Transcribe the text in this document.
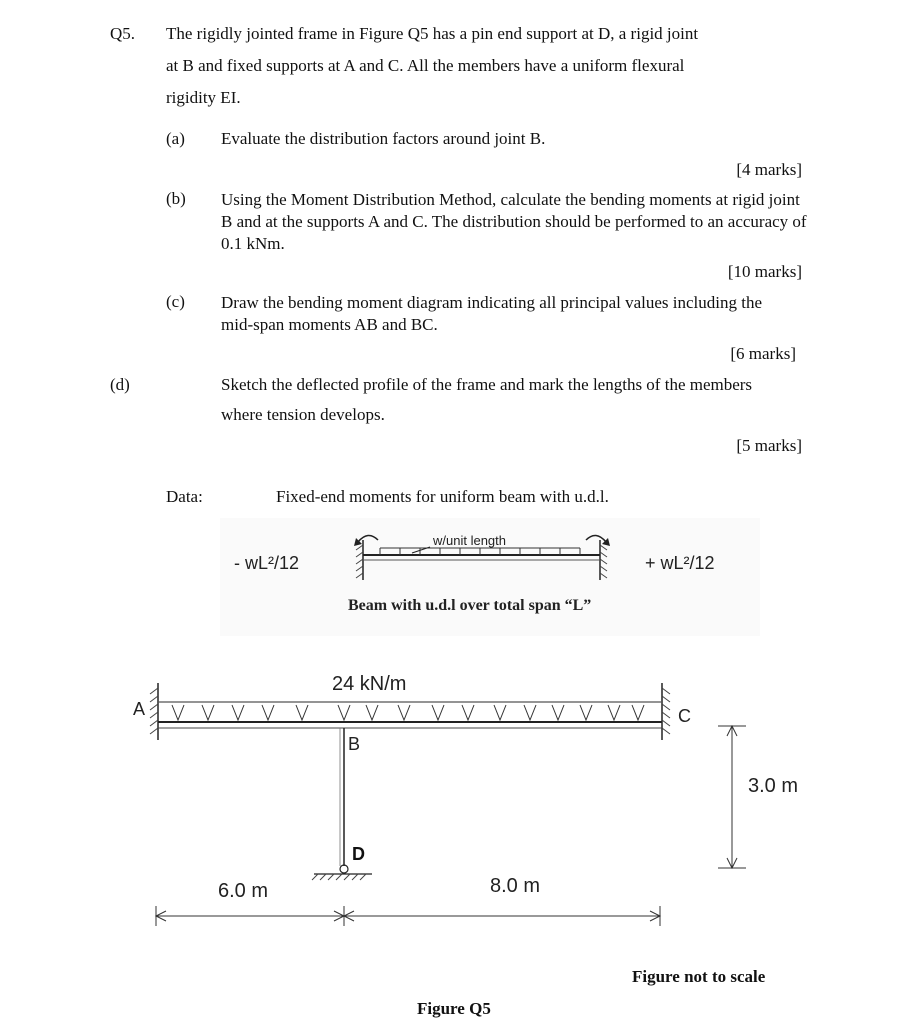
Q5. The rigidly jointed frame in Figure Q5 has a pin end support at D, a rigid joint
at B and fixed supports at A and C. All the members have a uniform flexural
rigidity EI.
(a) Evaluate the distribution factors around joint B.
[4 marks]
(b) Using the Moment Distribution Method, calculate the bending moments at rigid joint B and at the supports A and C. The distribution should be performed to an accuracy of 0.1 kNm.
[10 marks]
(c) Draw the bending moment diagram indicating all principal values including the mid-span moments AB and BC.
[6 marks]
(d)	Sketch the deflected profile of the frame and mark the lengths of the members
where tension develops.
[5 marks]
Data:	Fixed-end moments for uniform beam with u.d.l.
- wL²/12	+ wL²/12
w/unit length
Beam with u.d.l over total span “L”
24 kN/m
A	C
B
D
6.0 m	8.0 m
3.0 m
Figure not to scale
Figure Q5
